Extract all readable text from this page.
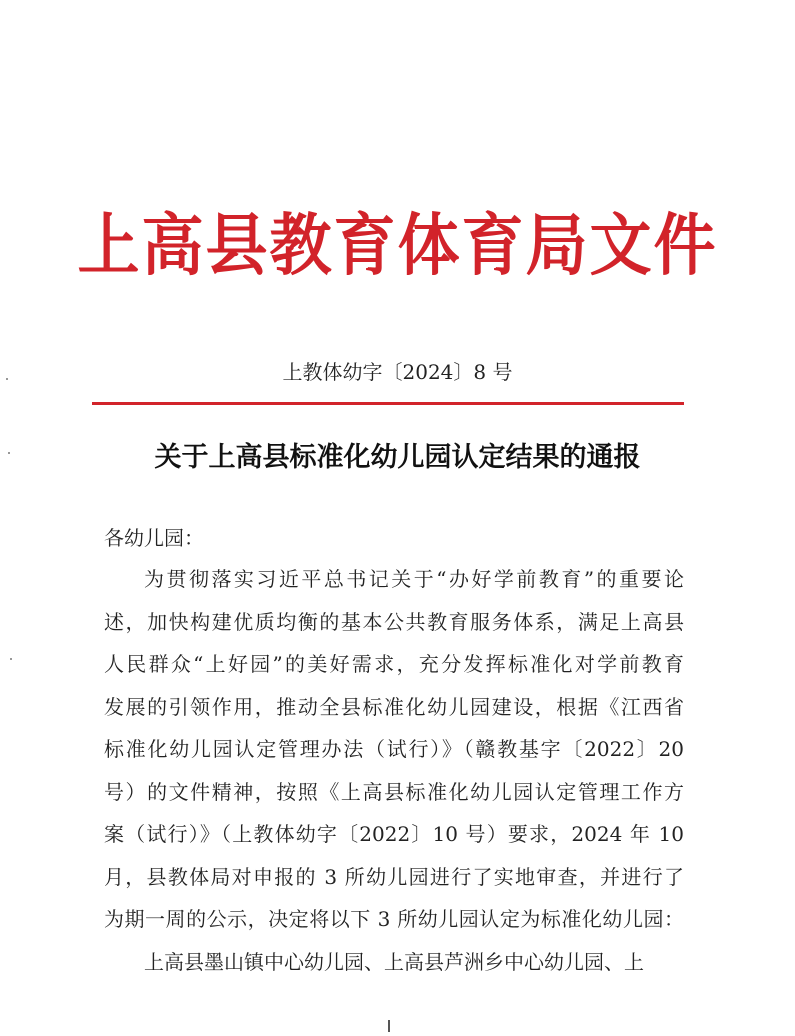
上高县教育体育局文件
上教体幼字〔2024〕8 号
关于上高县标准化幼儿园认定结果的通报
各幼儿园：
为贯彻落实习近平总书记关于“办好学前教育”的重要论
述，加快构建优质均衡的基本公共教育服务体系，满足上高县
人民群众“上好园”的美好需求，充分发挥标准化对学前教育
发展的引领作用，推动全县标准化幼儿园建设，根据《江西省
标准化幼儿园认定管理办法（试行）》（赣教基字〔2022〕20
号）的文件精神，按照《上高县标准化幼儿园认定管理工作方
案（试行）》（上教体幼字〔2022〕10 号）要求，2024 年 10
月，县教体局对申报的 3 所幼儿园进行了实地审查，并进行了
为期一周的公示，决定将以下 3 所幼儿园认定为标准化幼儿园：
上高县墨山镇中心幼儿园、上高县芦洲乡中心幼儿园、上
